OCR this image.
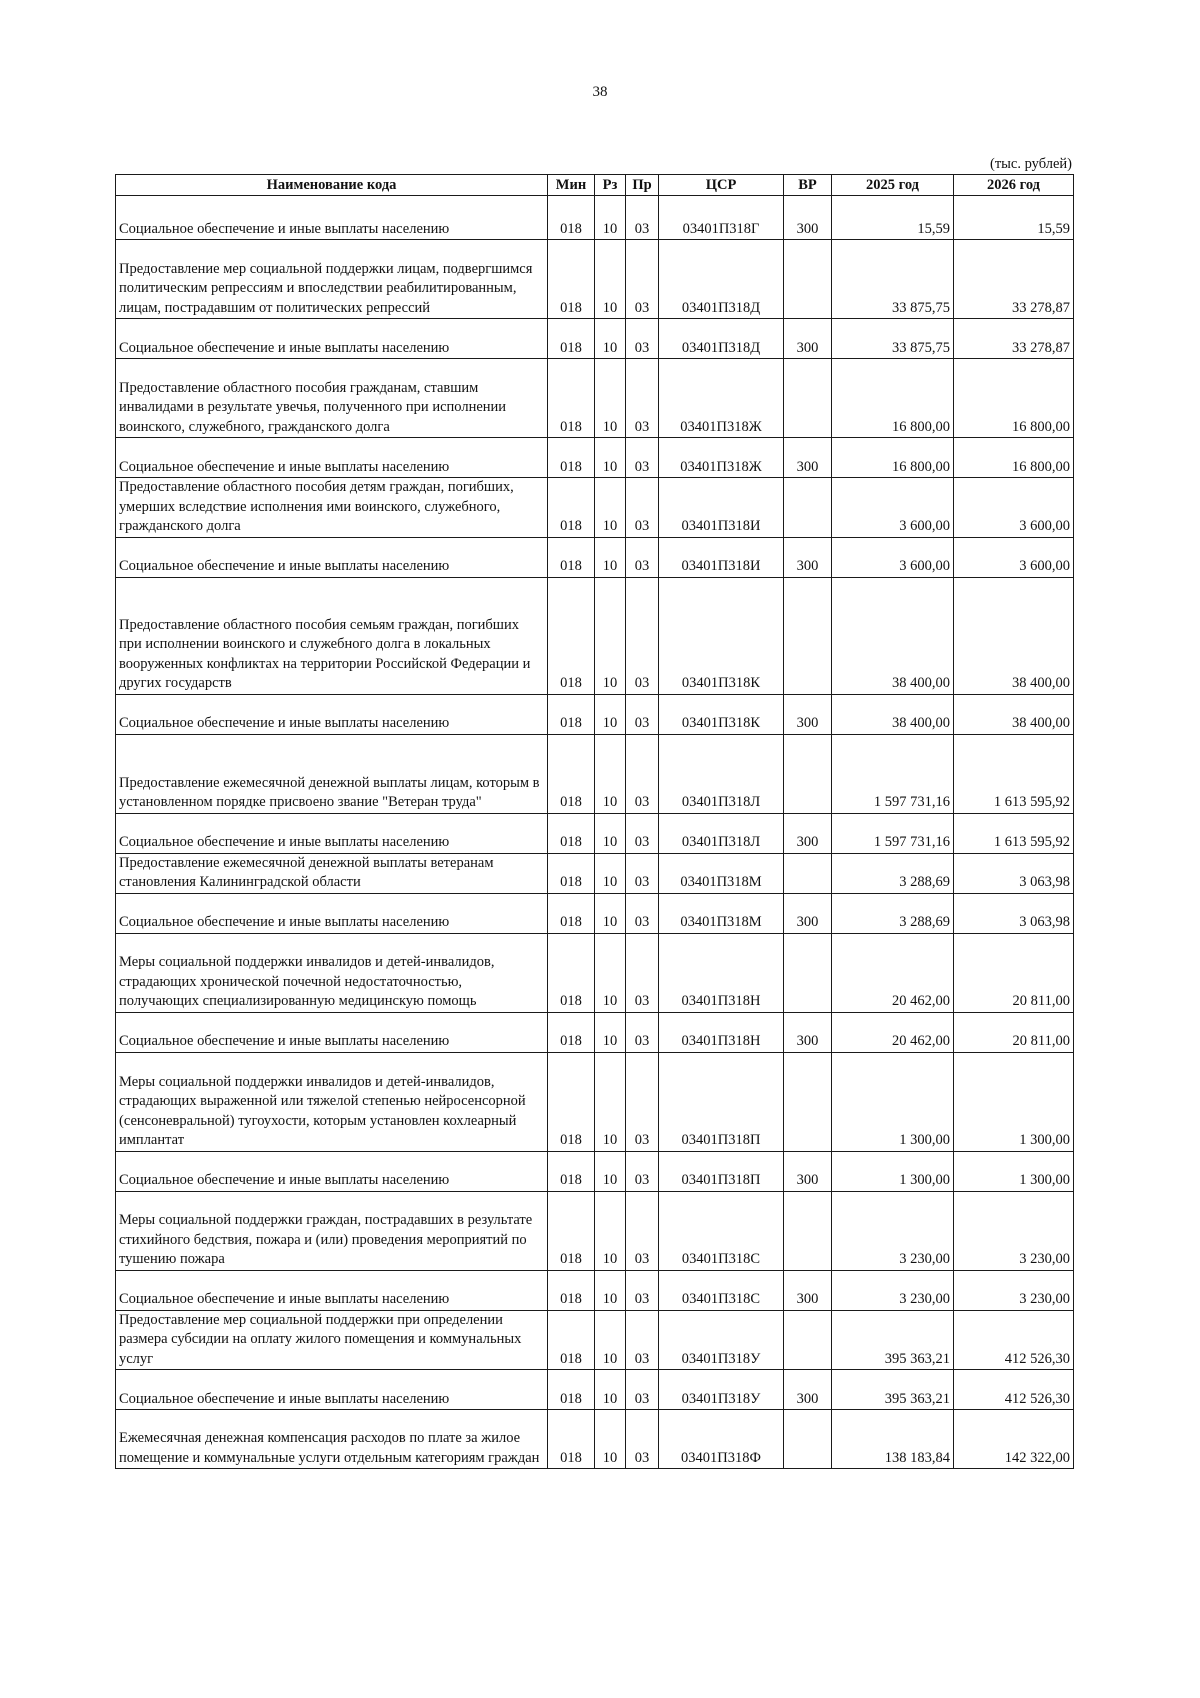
38
(тыс. рублей)
Наименование кода	Мин	Рз	Пр	ЦСР	ВР	2025 год	2026 год
Социальное обеспечение и иные выплаты населению	018	10	03	03401П318Г	300	15,59	15,59
Предоставление мер социальной поддержки лицам, подвергшимся политическим репрессиям и впоследствии реабилитированным, лицам, пострадавшим от политических репрессий	018	10	03	03401П318Д		33 875,75	33 278,87
Социальное обеспечение и иные выплаты населению	018	10	03	03401П318Д	300	33 875,75	33 278,87
Предоставление областного пособия гражданам, ставшим инвалидами в результате увечья, полученного при исполнении воинского, служебного, гражданского долга	018	10	03	03401П318Ж		16 800,00	16 800,00
Социальное обеспечение и иные выплаты населению	018	10	03	03401П318Ж	300	16 800,00	16 800,00
Предоставление областного пособия детям граждан, погибших, умерших вследствие исполнения ими воинского, служебного, гражданского долга	018	10	03	03401П318И		3 600,00	3 600,00
Социальное обеспечение и иные выплаты населению	018	10	03	03401П318И	300	3 600,00	3 600,00
Предоставление областного пособия семьям граждан, погибших при исполнении воинского и служебного долга в локальных вооруженных конфликтах на территории Российской Федерации и других государств	018	10	03	03401П318К		38 400,00	38 400,00
Социальное обеспечение и иные выплаты населению	018	10	03	03401П318К	300	38 400,00	38 400,00
Предоставление ежемесячной денежной выплаты лицам, которым в установленном порядке присвоено звание "Ветеран труда"	018	10	03	03401П318Л		1 597 731,16	1 613 595,92
Социальное обеспечение и иные выплаты населению	018	10	03	03401П318Л	300	1 597 731,16	1 613 595,92
Предоставление ежемесячной денежной выплаты ветеранам становления Калининградской области	018	10	03	03401П318М		3 288,69	3 063,98
Социальное обеспечение и иные выплаты населению	018	10	03	03401П318М	300	3 288,69	3 063,98
Меры социальной поддержки инвалидов и детей-инвалидов, страдающих хронической почечной недостаточностью, получающих специализированную медицинскую помощь	018	10	03	03401П318Н		20 462,00	20 811,00
Социальное обеспечение и иные выплаты населению	018	10	03	03401П318Н	300	20 462,00	20 811,00
Меры социальной поддержки инвалидов и детей-инвалидов, страдающих выраженной или тяжелой степенью нейросенсорной (сенсоневральной) тугоухости, которым установлен кохлеарный имплантат	018	10	03	03401П318П		1 300,00	1 300,00
Социальное обеспечение и иные выплаты населению	018	10	03	03401П318П	300	1 300,00	1 300,00
Меры социальной поддержки граждан, пострадавших в результате стихийного бедствия, пожара и (или) проведения мероприятий по тушению пожара	018	10	03	03401П318С		3 230,00	3 230,00
Социальное обеспечение и иные выплаты населению	018	10	03	03401П318С	300	3 230,00	3 230,00
Предоставление мер социальной поддержки при определении размера субсидии на оплату жилого помещения и коммунальных услуг	018	10	03	03401П318У		395 363,21	412 526,30
Социальное обеспечение и иные выплаты населению	018	10	03	03401П318У	300	395 363,21	412 526,30
Ежемесячная денежная компенсация расходов по плате за жилое помещение и коммунальные услуги отдельным категориям граждан	018	10	03	03401П318Ф		138 183,84	142 322,00
